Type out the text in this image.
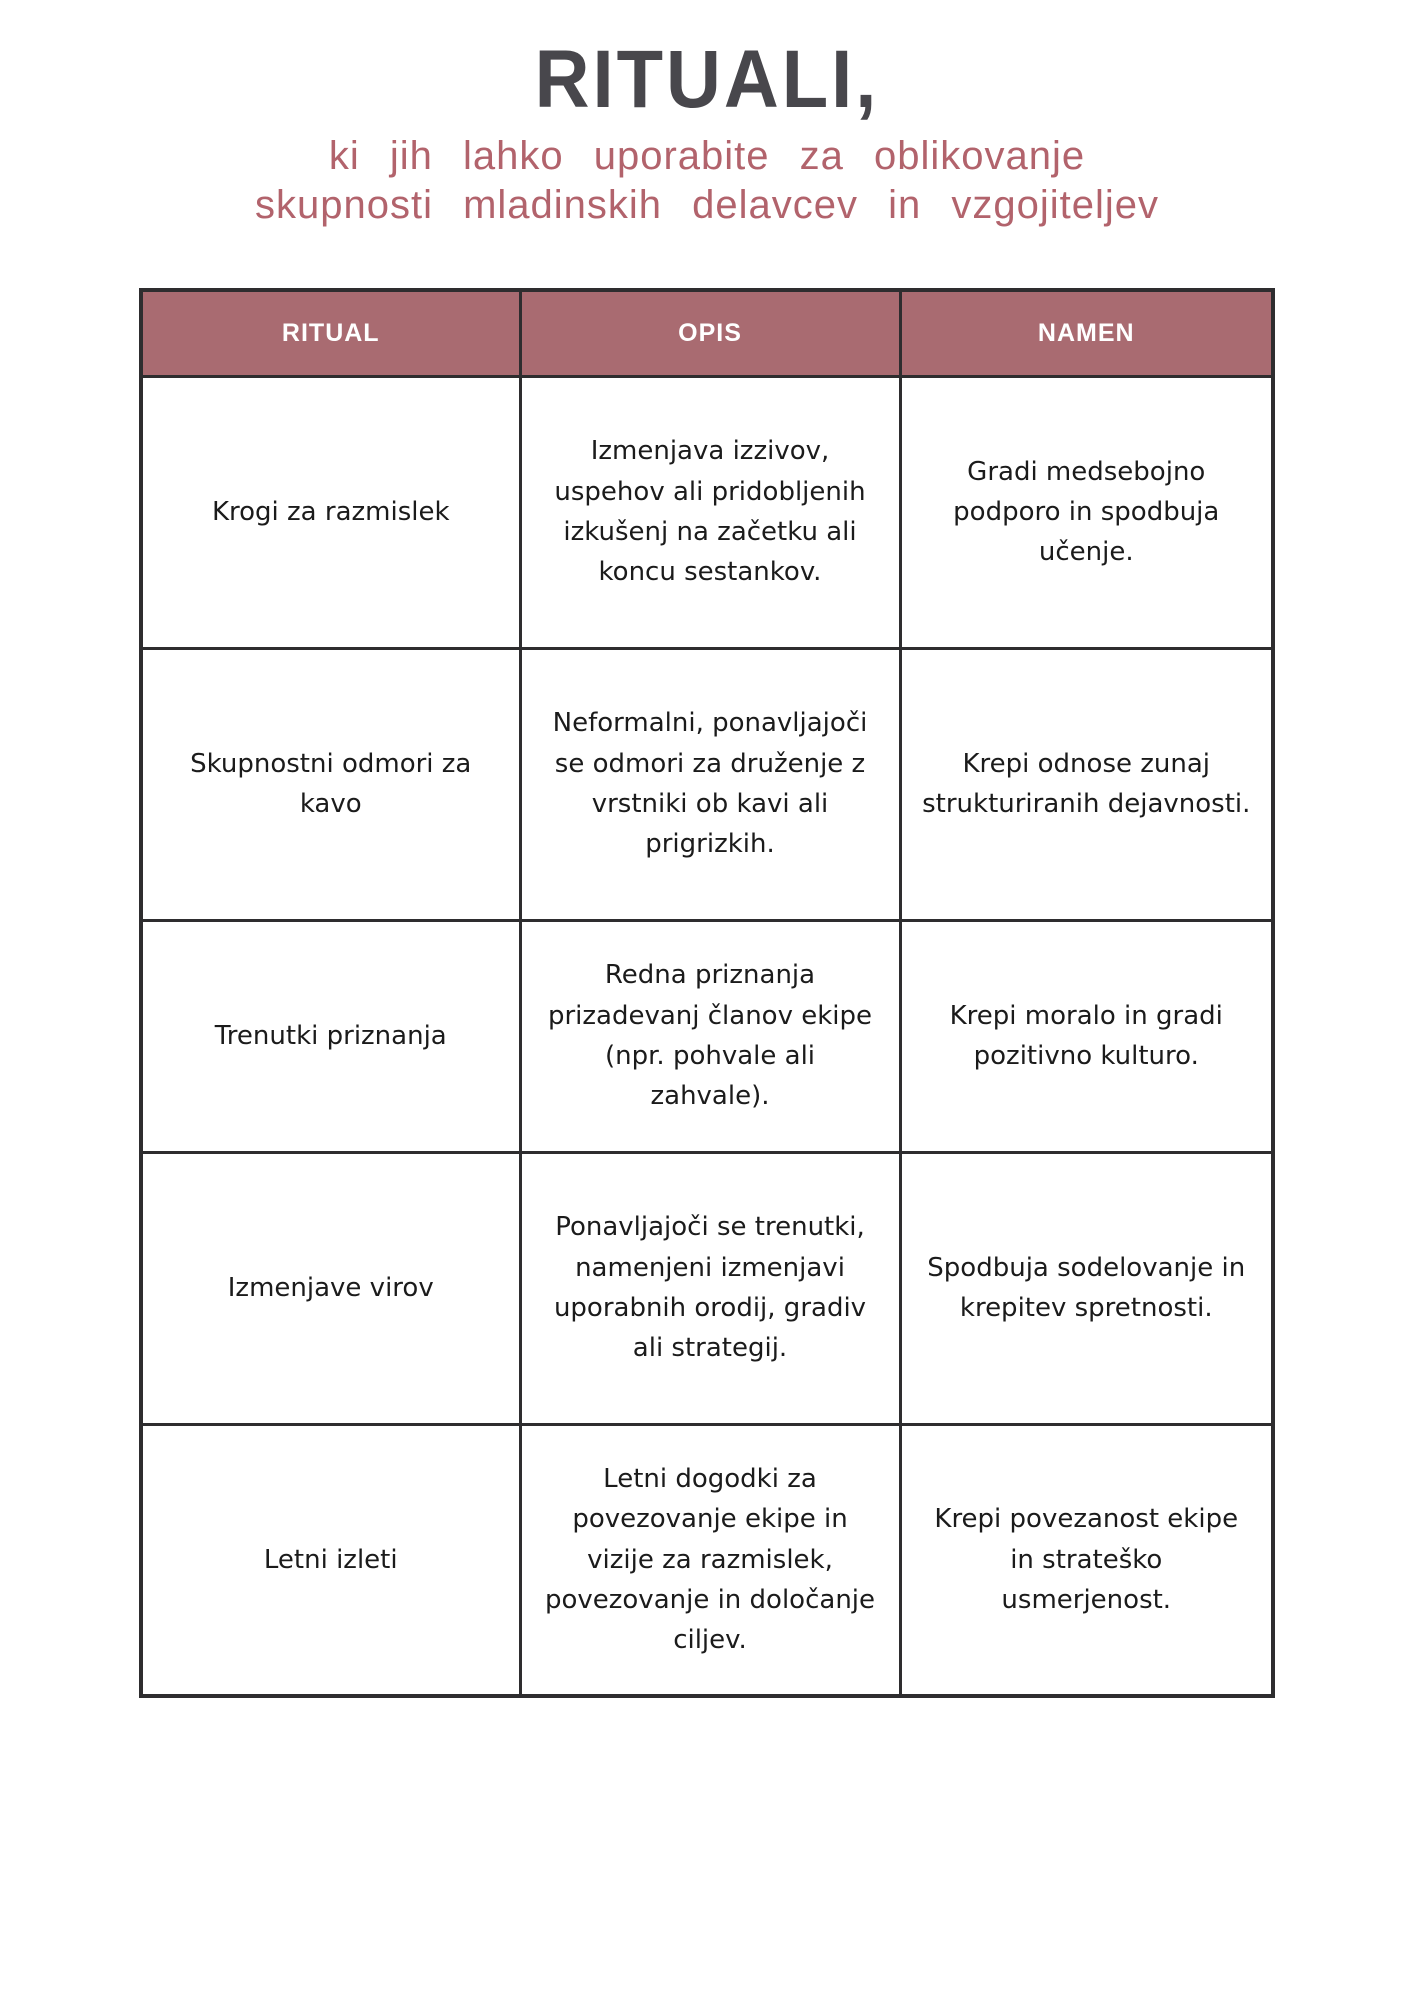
RITUALI,
ki jih lahko uporabite za oblikovanje
skupnosti mladinskih delavcev in vzgojiteljev
RITUAL	OPIS	NAMEN
Krogi za razmislek	Izmenjava izzivov, uspehov ali pridobljenih izkušenj na začetku ali koncu sestankov.	Gradi medsebojno podporo in spodbuja učenje.
Skupnostni odmori za kavo	Neformalni, ponavljajoči se odmori za druženje z vrstniki ob kavi ali prigrizkih.	Krepi odnose zunaj strukturiranih dejavnosti.
Trenutki priznanja	Redna priznanja prizadevanj članov ekipe (npr. pohvale ali zahvale).	Krepi moralo in gradi pozitivno kulturo.
Izmenjave virov	Ponavljajoči se trenutki, namenjeni izmenjavi uporabnih orodij, gradiv ali strategij.	Spodbuja sodelovanje in krepitev spretnosti.
Letni izleti	Letni dogodki za povezovanje ekipe in vizije za razmislek, povezovanje in določanje ciljev.	Krepi povezanost ekipe in strateško usmerjenost.
